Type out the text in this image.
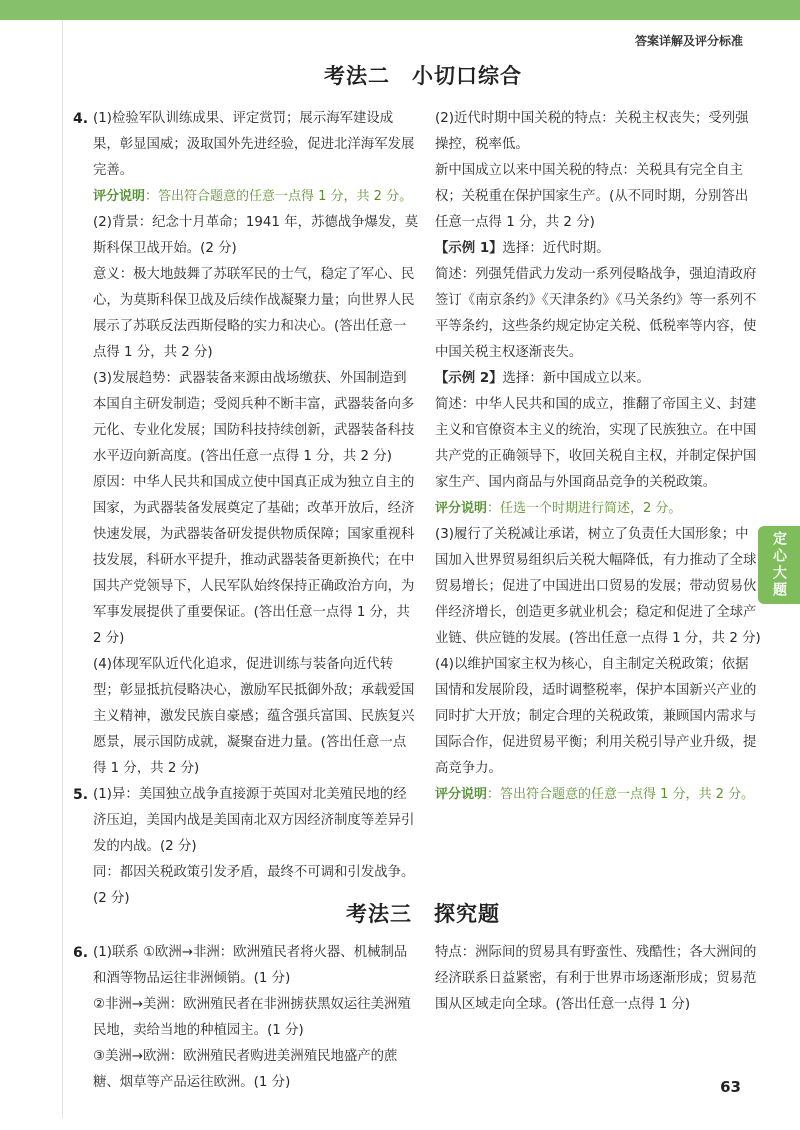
答案详解及评分标准
考法二　小切口综合
4. (1)检验军队训练成果、评定赏罚；展示海军建设成果，彰显国威；汲取国外先进经验，促进北洋海军发展完善。

评分说明：答出符合题意的任意一点得 1 分，共 2 分。

(2)背景：纪念十月革命；1941 年，苏德战争爆发，莫斯科保卫战开始。(2 分)

意义：极大地鼓舞了苏联军民的士气，稳定了军心、民心，为莫斯科保卫战及后续作战凝聚力量；向世界人民展示了苏联反法西斯侵略的实力和决心。(答出任意一点得 1 分，共 2 分)

(3)发展趋势：武器装备来源由战场缴获、外国制造到本国自主研发制造；受阅兵种不断丰富，武器装备向多元化、专业化发展；国防科技持续创新，武器装备科技水平迈向新高度。(答出任意一点得 1 分，共 2 分)

原因：中华人民共和国成立使中国真正成为独立自主的国家，为武器装备发展奠定了基础；改革开放后，经济快速发展，为武器装备研发提供物质保障；国家重视科技发展，科研水平提升，推动武器装备更新换代；在中国共产党领导下，人民军队始终保持正确政治方向，为军事发展提供了重要保证。(答出任意一点得 1 分，共 2 分)

(4)体现军队近代化追求，促进训练与装备向近代转型；彰显抵抗侵略决心，激励军民抵御外敌；承载爱国主义精神，激发民族自豪感；蕴含强兵富国、民族复兴愿景，展示国防成就，凝聚奋进力量。(答出任意一点得 1 分，共 2 分)

5. (1)异：美国独立战争直接源于英国对北美殖民地的经济压迫，美国内战是美国南北双方因经济制度等差异引发的内战。(2 分)

同：都因关税政策引发矛盾，最终不可调和引发战争。(2 分)

(2)近代时期中国关税的特点：关税主权丧失；受列强操控，税率低。

新中国成立以来中国关税的特点：关税具有完全自主权；关税重在保护国家生产。(从不同时期，分别答出任意一点得 1 分，共 2 分)

【示例 1】选择：近代时期。

简述：列强凭借武力发动一系列侵略战争，强迫清政府签订《南京条约》《天津条约》《马关条约》等一系列不平等条约，这些条约规定协定关税、低税率等内容，使中国关税主权逐渐丧失。

【示例 2】选择：新中国成立以来。

简述：中华人民共和国的成立，推翻了帝国主义、封建主义和官僚资本主义的统治，实现了民族独立。在中国共产党的正确领导下，收回关税自主权，并制定保护国家生产、国内商品与外国商品竞争的关税政策。

评分说明：任选一个时期进行简述，2 分。

(3)履行了关税减让承诺，树立了负责任大国形象；中国加入世界贸易组织后关税大幅降低，有力推动了全球贸易增长；促进了中国进出口贸易的发展；带动贸易伙伴经济增长，创造更多就业机会；稳定和促进了全球产业链、供应链的发展。(答出任意一点得 1 分，共 2 分)

(4)以维护国家主权为核心，自主制定关税政策；依据国情和发展阶段，适时调整税率，保护本国新兴产业的同时扩大开放；制定合理的关税政策，兼顾国内需求与国际合作，促进贸易平衡；利用关税引导产业升级，提高竞争力。

评分说明：答出符合题意的任意一点得 1 分，共 2 分。

考法三　探究题
6. (1)联系 ①欧洲→非洲：欧洲殖民者将火器、机械制品和酒等物品运往非洲倾销。(1 分)

②非洲→美洲：欧洲殖民者在非洲掳获黑奴运往美洲殖民地，卖给当地的种植园主。(1 分)

③美洲→欧洲：欧洲殖民者购进美洲殖民地盛产的蔗糖、烟草等产品运往欧洲。(1 分)

特点：洲际间的贸易具有野蛮性、残酷性；各大洲间的经济联系日益紧密，有利于世界市场逐渐形成；贸易范围从区域走向全球。(答出任意一点得 1 分)

63
定心大题
